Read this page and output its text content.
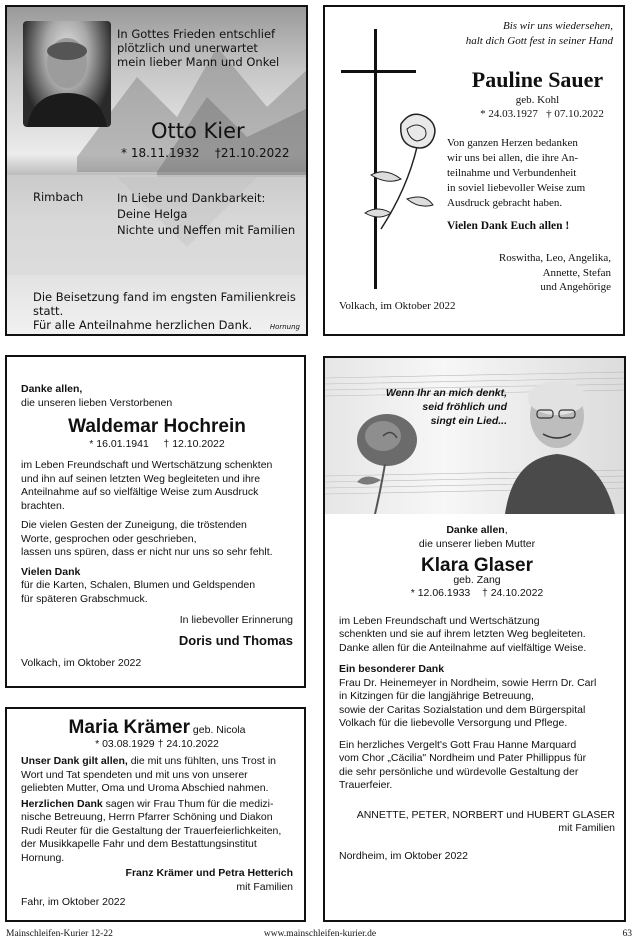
In Gottes Frieden entschlief
plötzlich und unerwartet
mein lieber Mann und Onkel
Otto Kier
* 18.11.1932 †21.10.2022
Rimbach	In Liebe und Dankbarkeit:
Deine Helga
Nichte und Neffen mit Familien
Die Beisetzung fand im engsten Familienkreis statt.
Für alle Anteilnahme herzlichen Dank.	Hornung
Bis wir uns wiedersehen,
halt dich Gott fest in seiner Hand
Pauline Sauer
geb. Kohl
* 24.03.1927 † 07.10.2022
Von ganzen Herzen bedanken
wir uns bei allen, die ihre An-
teilnahme und Verbundenheit
in soviel liebevoller Weise zum
Ausdruck gebracht haben.
Vielen Dank Euch allen !
Roswitha, Leo, Angelika,
Annette, Stefan
und Angehörige
Volkach, im Oktober 2022
Danke allen,
die unseren lieben Verstorbenen
Waldemar Hochrein
* 16.01.1941 † 12.10.2022
im Leben Freundschaft und Wertschätzung schenkten
und ihn auf seinen letzten Weg begleiteten und ihre
Anteilnahme auf so vielfältige Weise zum Ausdruck
brachten.
Die vielen Gesten der Zuneigung, die tröstenden
Worte, gesprochen oder geschrieben,
lassen uns spüren, dass er nicht nur uns so sehr fehlt.
Vielen Dank
für die Karten, Schalen, Blumen und Geldspenden
für späteren Grabschmuck.
In liebevoller Erinnerung
Doris und Thomas
Volkach, im Oktober 2022
Wenn Ihr an mich denkt,
seid fröhlich und
singt ein Lied...
Danke allen,
die unserer lieben Mutter
Klara Glaser
geb. Zang
* 12.06.1933 † 24.10.2022
im Leben Freundschaft und Wertschätzung
schenkten und sie auf ihrem letzten Weg begleiteten.
Danke allen für die Anteilnahme auf vielfältige Weise.
Ein besonderer Dank
Frau Dr. Heinemeyer in Nordheim, sowie Herrn Dr. Carl
in Kitzingen für die langjährige Betreuung,
sowie der Caritas Sozialstation und dem Bürgerspital
Volkach für die liebevolle Versorgung und Pflege.
Ein herzliches Vergelt's Gott Frau Hanne Marquard
vom Chor „Cäcilia" Nordheim und Pater Phillippus für
die sehr persönliche und würdevolle Gestaltung der
Trauerfeier.
ANNETTE, PETER, NORBERT und HUBERT GLASER
mit Familien
Nordheim, im Oktober 2022
Maria Krämer geb. Nicola
* 03.08.1929 † 24.10.2022
Unser Dank gilt allen, die mit uns fühlten, uns Trost in Wort und Tat spendeten und mit uns von unserer geliebten Mutter, Oma und Uroma Abschied nahmen.
Herzlichen Dank sagen wir Frau Thum für die medizi-nische Betreuung, Herrn Pfarrer Schöning und Diakon Rudi Reuter für die Gestaltung der Trauerfeierlichkeiten, der Musikkapelle Fahr und dem Bestattungsinstitut Hornung.
Franz Krämer und Petra Hetterich
mit Familien
Fahr, im Oktober 2022
Mainschleifen-Kurier 12-22	www.mainschleifen-kurier.de	63
